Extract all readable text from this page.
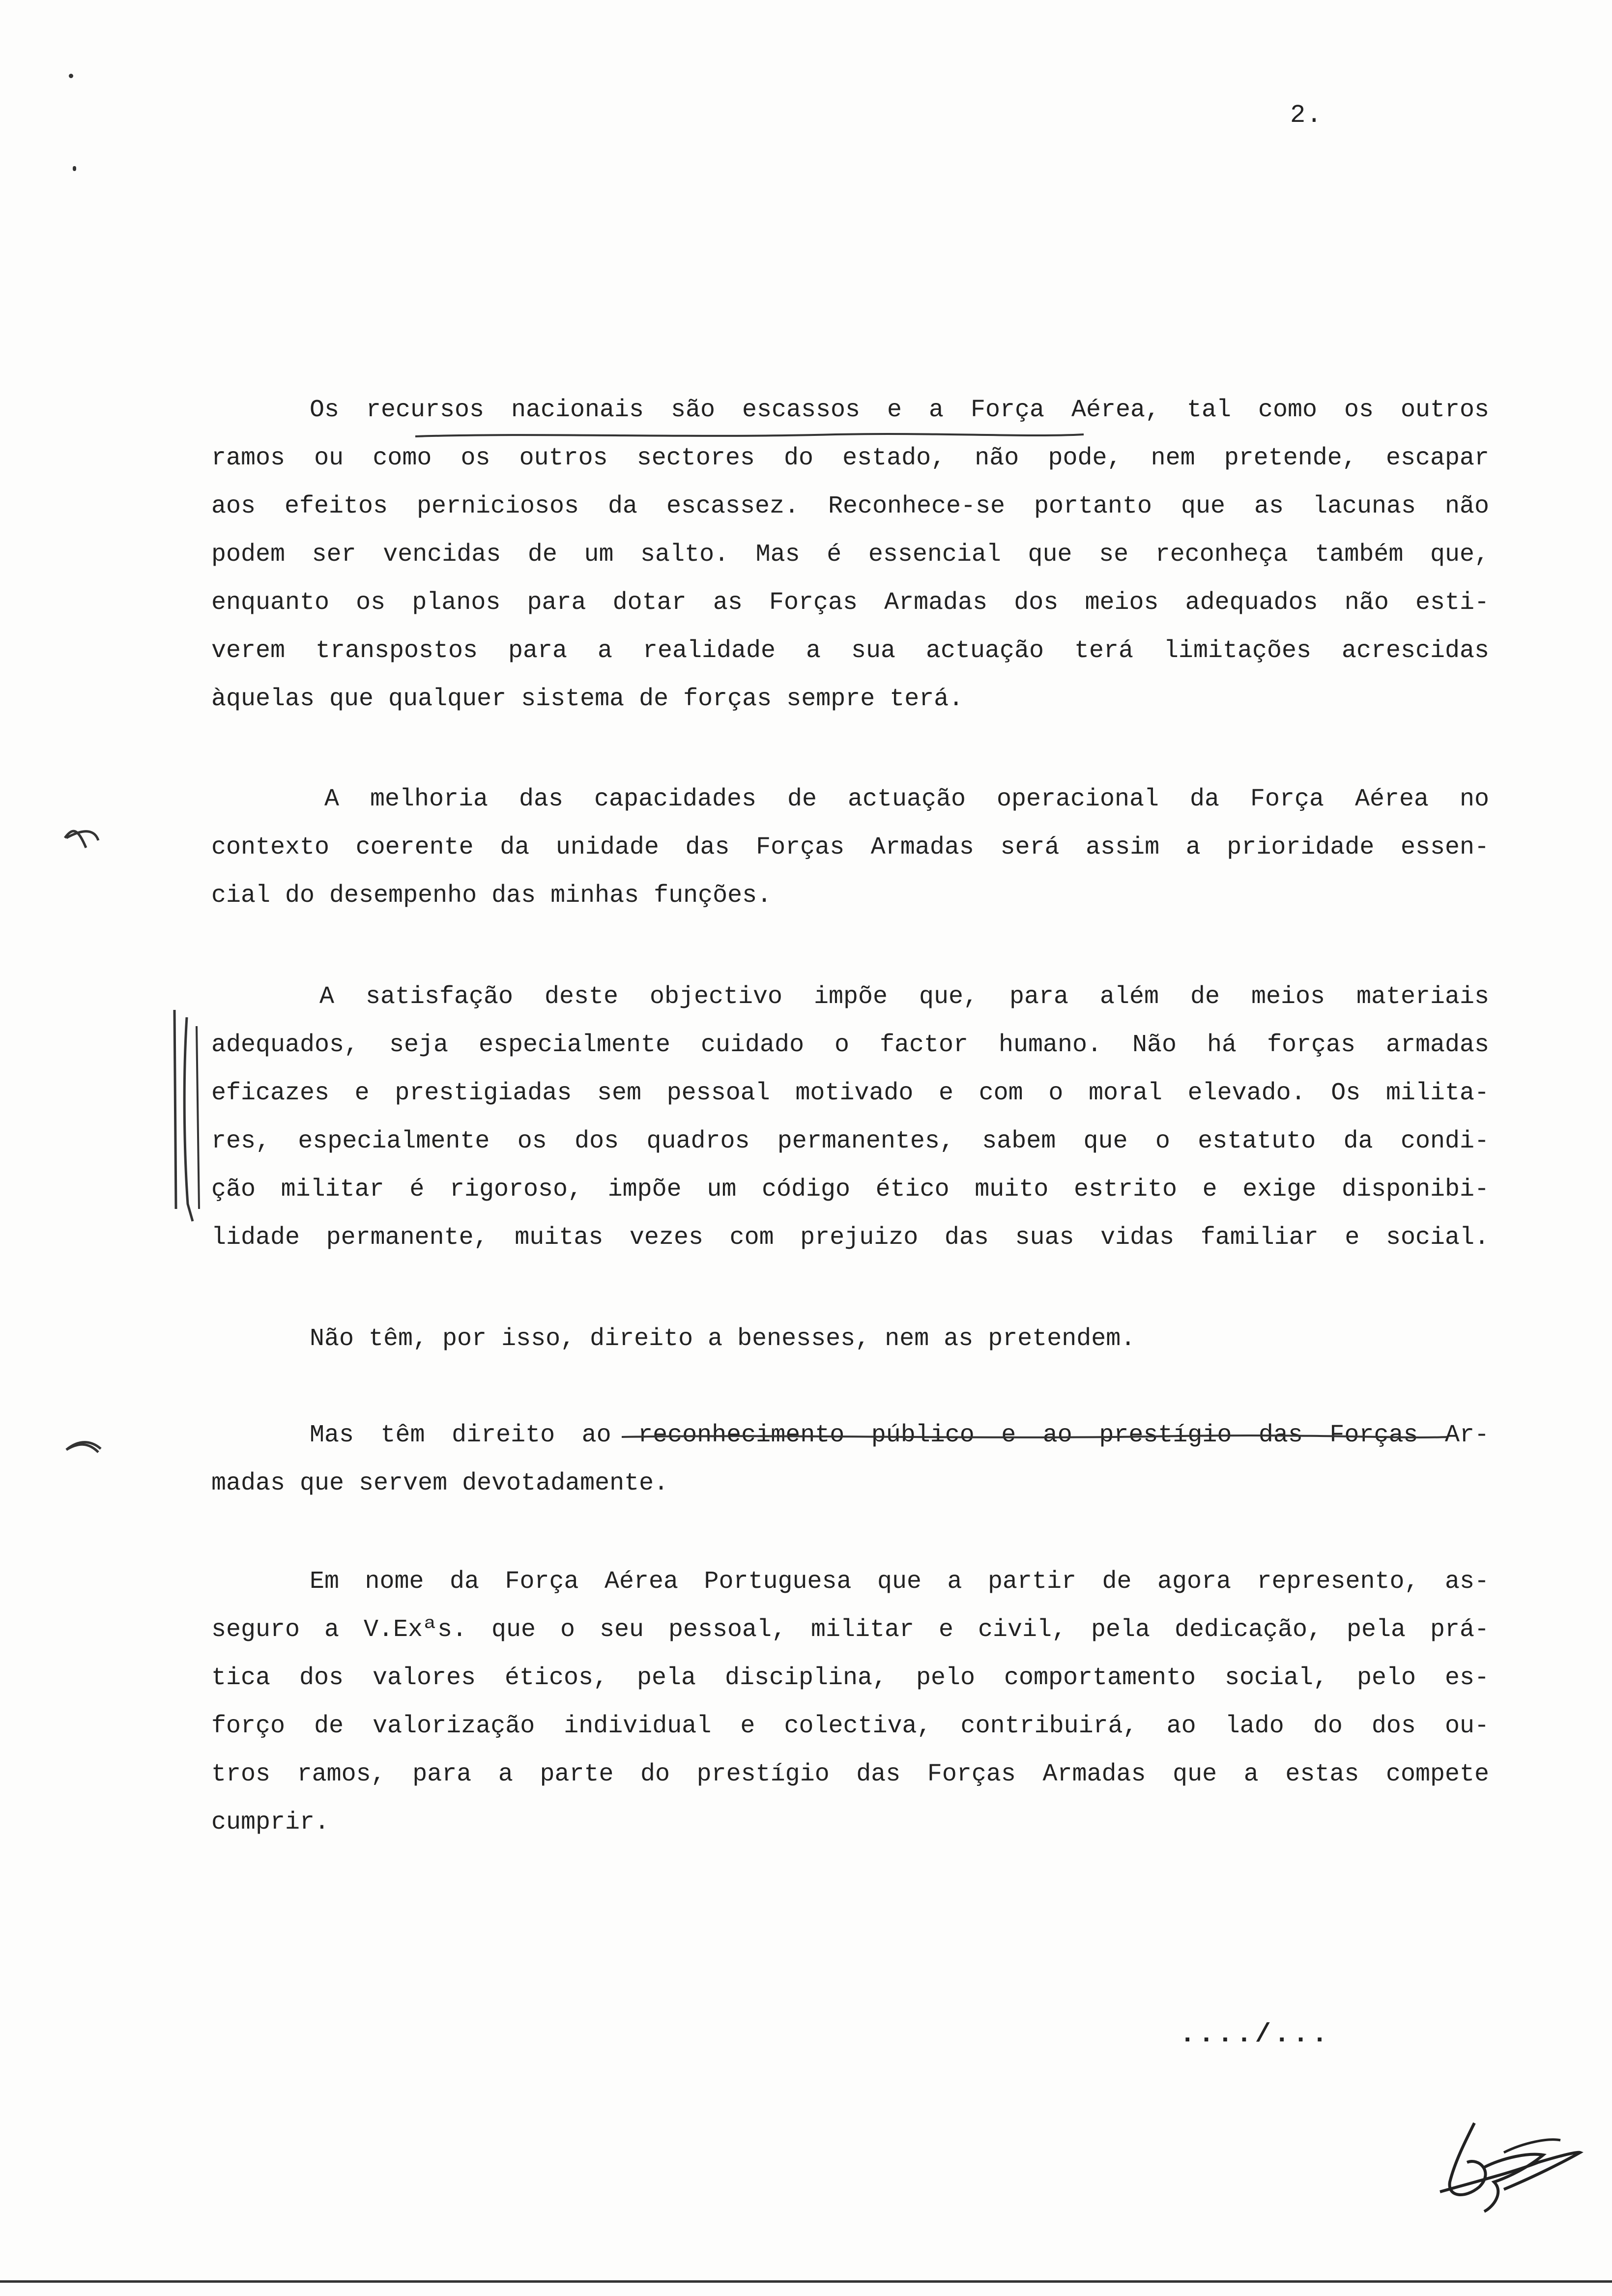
2.
Os recursos nacionais são escassos e a Força Aérea, tal como os outros
ramos ou como os outros sectores do estado, não pode, nem pretende, escapar
aos efeitos perniciosos da escassez. Reconhece-se portanto que as lacunas não
podem ser vencidas de um salto. Mas é essencial que se reconheça também que,
enquanto os planos para dotar as Forças Armadas dos meios adequados não esti-
verem transpostos para a realidade a sua actuação terá limitações acrescidas
àquelas que qualquer sistema de forças sempre terá.
A melhoria das capacidades de actuação operacional da Força Aérea no
contexto coerente da unidade das Forças Armadas será assim a prioridade essen-
cial do desempenho das minhas funções.
A satisfação deste objectivo impõe que, para além de meios materiais
adequados, seja especialmente cuidado o factor humano. Não há forças armadas
eficazes e prestigiadas sem pessoal motivado e com o moral elevado. Os milita-
res, especialmente os dos quadros permanentes, sabem que o estatuto da condi-
ção militar é rigoroso, impõe um código ético muito estrito e exige disponibi-
lidade permanente, muitas vezes com prejuizo das suas vidas familiar e social.
Não têm, por isso, direito a benesses, nem as pretendem.
Mas têm direito ao reconhecimento público e ao prestígio das Forças Ar-
madas que servem devotadamente.
Em nome da Força Aérea Portuguesa que a partir de agora represento, as-
seguro a V.Exªs. que o seu pessoal, militar e civil, pela dedicação, pela prá-
tica dos valores éticos, pela disciplina, pelo comportamento social, pelo es-
forço de valorização individual e colectiva, contribuirá, ao lado do dos ou-
tros ramos, para a parte do prestígio das Forças Armadas que a estas compete
cumprir.
..../...
